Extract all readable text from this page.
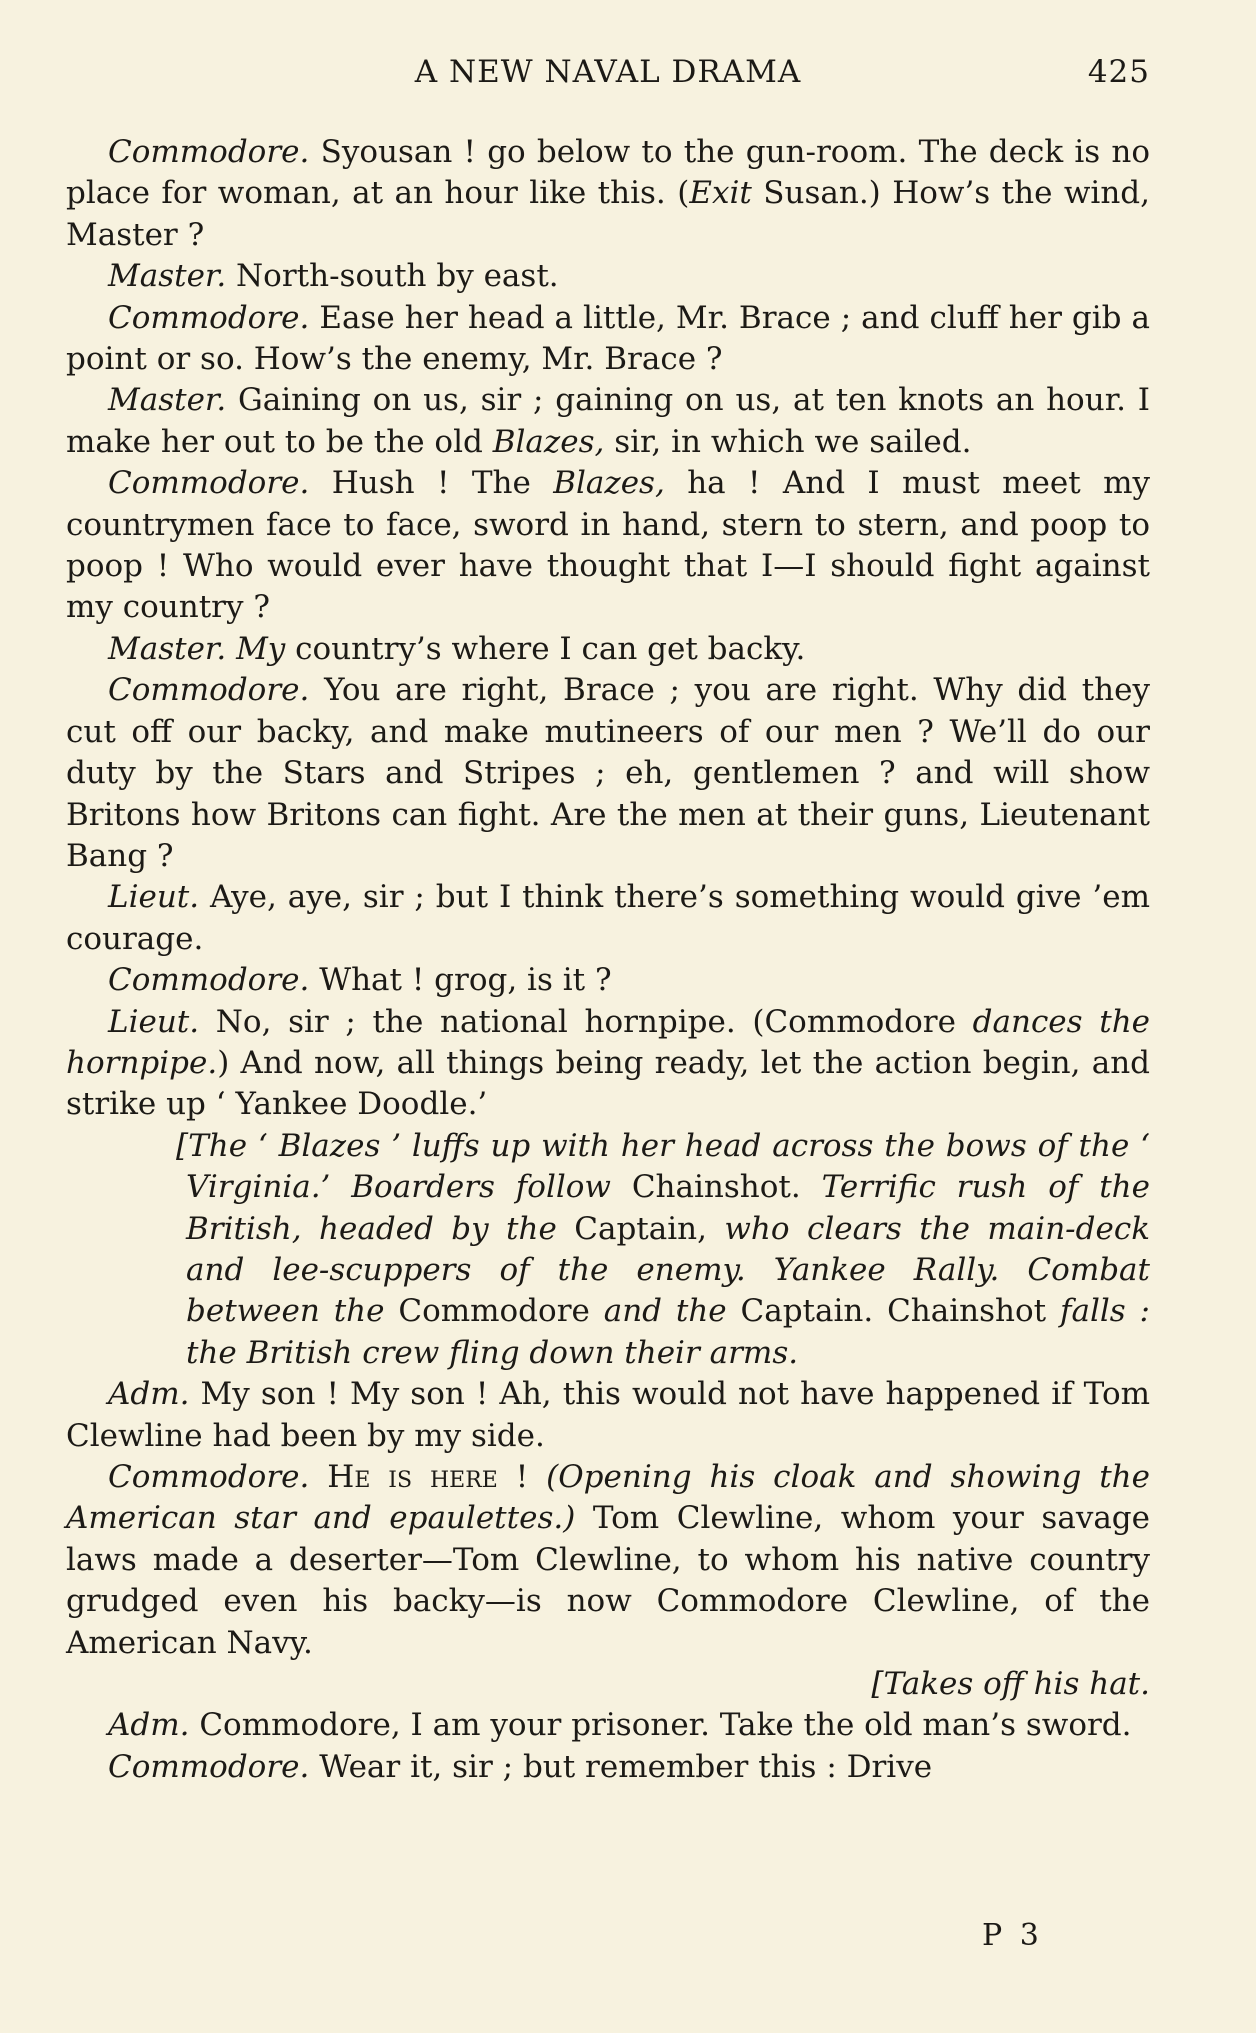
A NEW NAVAL DRAMA	425

Commodore. Syousan ! go below to the gun-room. The deck is no place for woman, at an hour like this. (Exit Susan.) How’s the wind, Master ?

Master. North-south by east.

Commodore. Ease her head a little, Mr. Brace ; and cluff her gib a point or so. How’s the enemy, Mr. Brace ?

Master. Gaining on us, sir ; gaining on us, at ten knots an hour. I make her out to be the old Blazes, sir, in which we sailed.

Commodore. Hush ! The Blazes, ha ! And I must meet my countrymen face to face, sword in hand, stern to stern, and poop to poop ! Who would ever have thought that I—I should fight against my country ?

Master. My country’s where I can get backy.

Commodore. You are right, Brace ; you are right. Why did they cut off our backy, and make mutineers of our men ? We’ll do our duty by the Stars and Stripes ; eh, gentlemen ? and will show Britons how Britons can fight. Are the men at their guns, Lieutenant Bang ?

Lieut. Aye, aye, sir ; but I think there’s something would give ’em courage.

Commodore. What ! grog, is it ?

Lieut. No, sir ; the national hornpipe. (Commodore dances the hornpipe.) And now, all things being ready, let the action begin, and strike up ‘ Yankee Doodle.’

[The ‘ Blazes ’ luffs up with her head across the bows of the ‘ Virginia.’ Boarders follow Chainshot. Terrific rush of the British, headed by the Captain, who clears the main-deck and lee-scuppers of the enemy. Yankee Rally. Combat between the Commodore and the Captain. Chainshot falls : the British crew fling down their arms.

Adm. My son ! My son ! Ah, this would not have happened if Tom Clewline had been by my side.

Commodore. He is here ! (Opening his cloak and showing the American star and epaulettes.) Tom Clewline, whom your savage laws made a deserter—Tom Clewline, to whom his native country grudged even his backy—is now Commodore Clewline, of the American Navy.

[Takes off his hat.

Adm. Commodore, I am your prisoner. Take the old man’s sword.

Commodore. Wear it, sir ; but remember this : Drive

P 3
